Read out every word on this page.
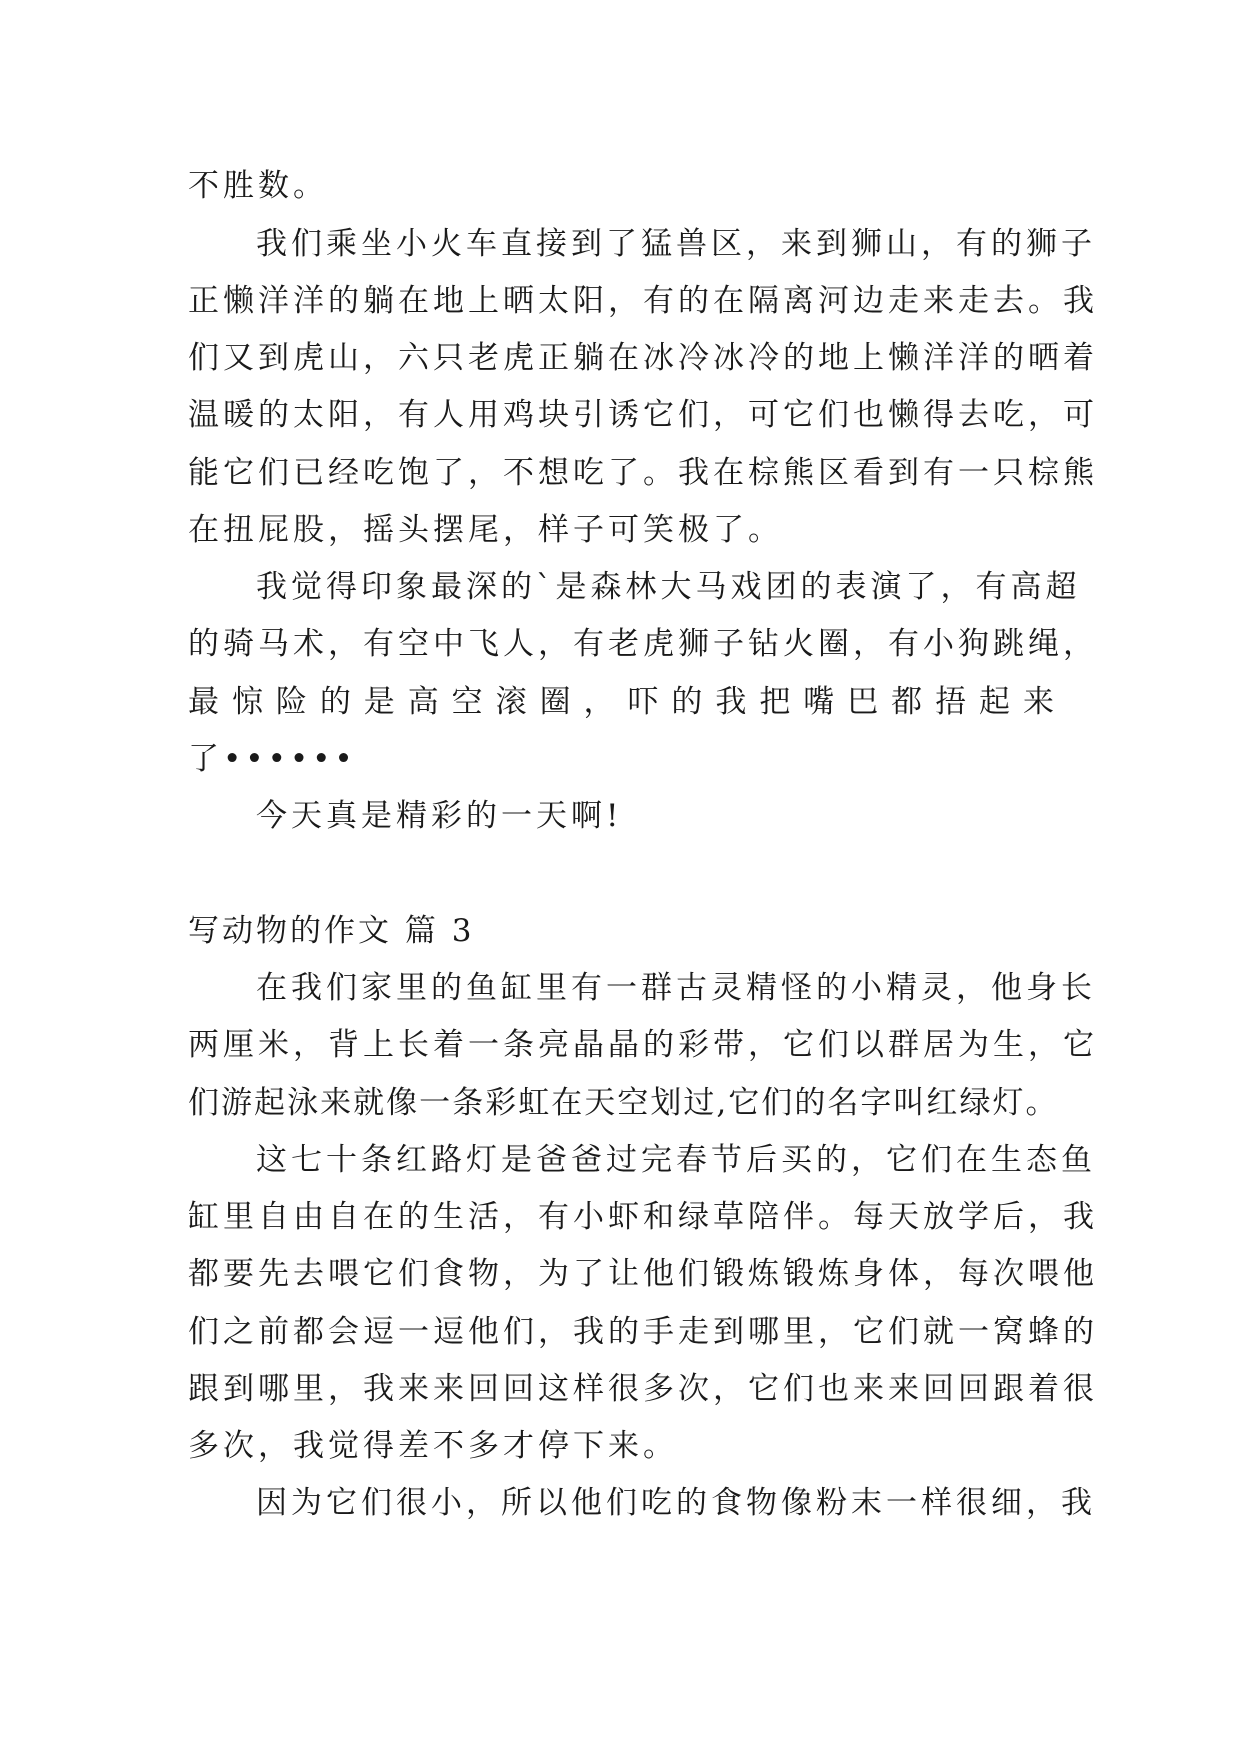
不胜数。
我们乘坐小火车直接到了猛兽区，来到狮山，有的狮子
正懒洋洋的躺在地上晒太阳，有的在隔离河边走来走去。我
们又到虎山，六只老虎正躺在冰冷冰冷的地上懒洋洋的晒着
温暖的太阳，有人用鸡块引诱它们，可它们也懒得去吃，可
能它们已经吃饱了，不想吃了。我在棕熊区看到有一只棕熊
在扭屁股，摇头摆尾，样子可笑极了。
我觉得印象最深的`是森林大马戏团的表演了，有高超
的骑马术，有空中飞人，有老虎狮子钻火圈，有小狗跳绳，
最惊险的是高空滚圈，吓的我把嘴巴都捂起来
了••••••
今天真是精彩的一天啊!
写动物的作文 篇 3
在我们家里的鱼缸里有一群古灵精怪的小精灵，他身长
两厘米，背上长着一条亮晶晶的彩带，它们以群居为生，它
们游起泳来就像一条彩虹在天空划过,它们的名字叫红绿灯。
这七十条红路灯是爸爸过完春节后买的，它们在生态鱼
缸里自由自在的生活，有小虾和绿草陪伴。每天放学后，我
都要先去喂它们食物，为了让他们锻炼锻炼身体，每次喂他
们之前都会逗一逗他们，我的手走到哪里，它们就一窝蜂的
跟到哪里，我来来回回这样很多次，它们也来来回回跟着很
多次，我觉得差不多才停下来。
因为它们很小，所以他们吃的食物像粉末一样很细，我
